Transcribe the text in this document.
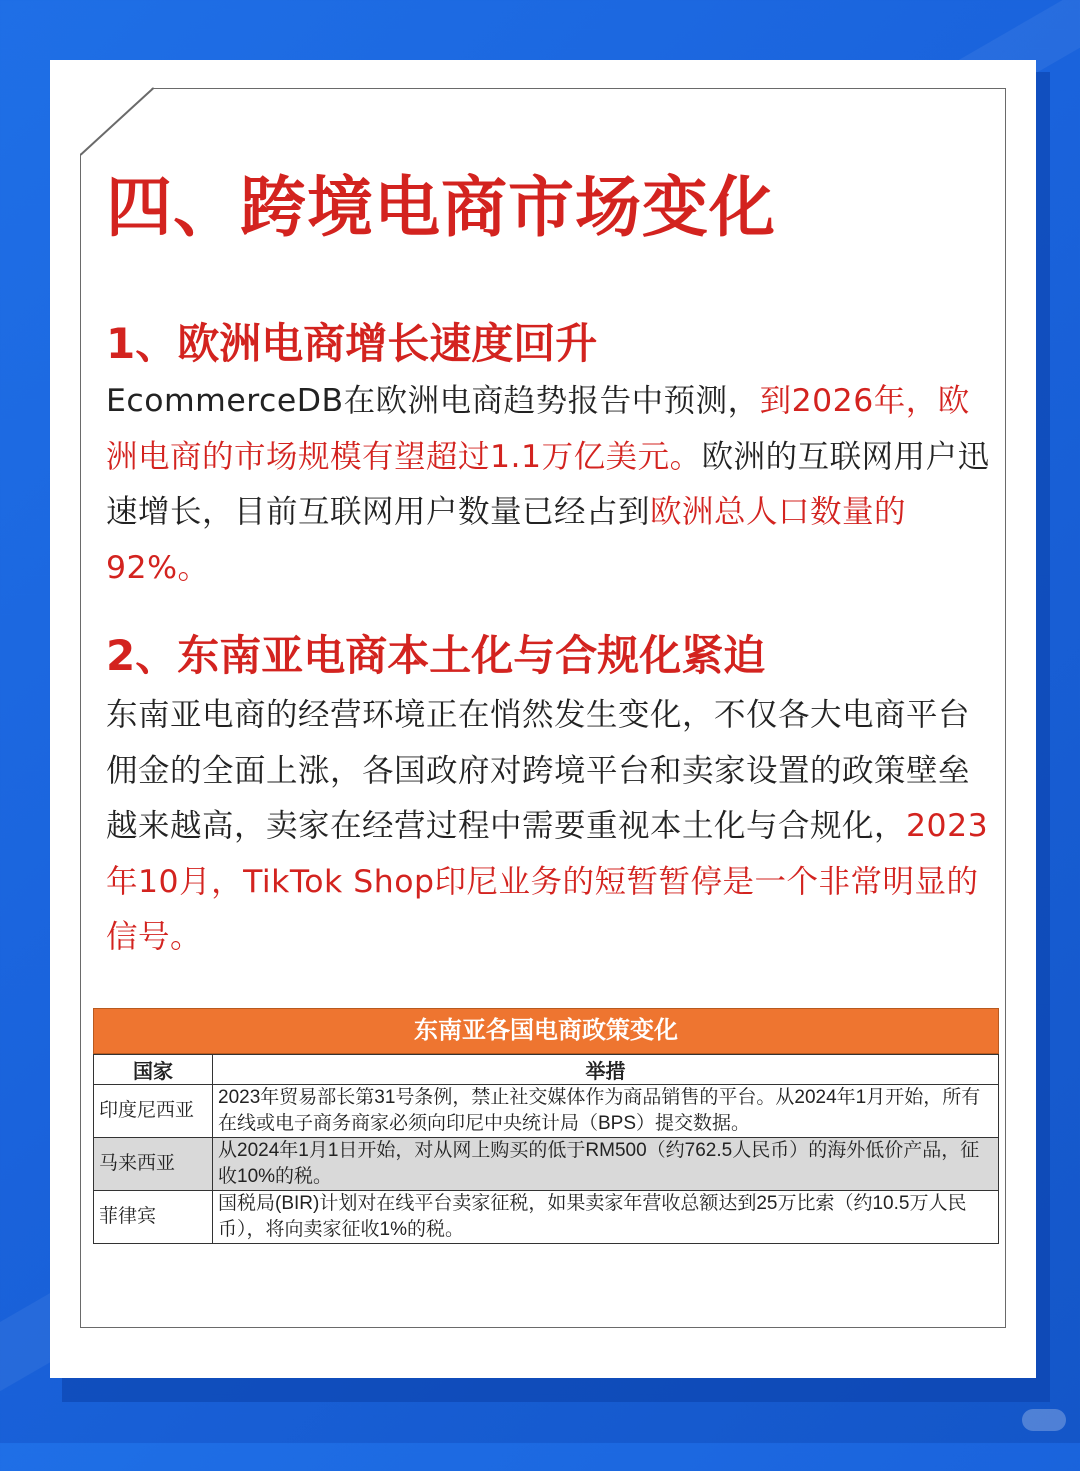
四、跨境电商市场变化
1、欧洲电商增长速度回升

EcommerceDB在欧洲电商趋势报告中预测，到2026年，欧洲电商的市场规模有望超过1.1万亿美元。欧洲的互联网用户迅速增长，目前互联网用户数量已经占到欧洲总人口数量的92%。

2、东南亚电商本土化与合规化紧迫

东南亚电商的经营环境正在悄然发生变化，不仅各大电商平台佣金的全面上涨，各国政府对跨境平台和卖家设置的政策壁垒越来越高，卖家在经营过程中需要重视本土化与合规化，2023年10月，TikTok Shop印尼业务的短暂暂停是一个非常明显的信号。

东南亚各国电商政策变化
国家	举措
印度尼西亚	2023年贸易部长第31号条例，禁止社交媒体作为商品销售的平台。从2024年1月开始，所有在线或电子商务商家必须向印尼中央统计局（BPS）提交数据。
马来西亚	从2024年1月1日开始，对从网上购买的低于RM500（约762.5人民币）的海外低价产品，征收10%的税。
菲律宾	国税局(BIR)计划对在线平台卖家征税，如果卖家年营收总额达到25万比索（约10.5万人民币），将向卖家征收1%的税。
